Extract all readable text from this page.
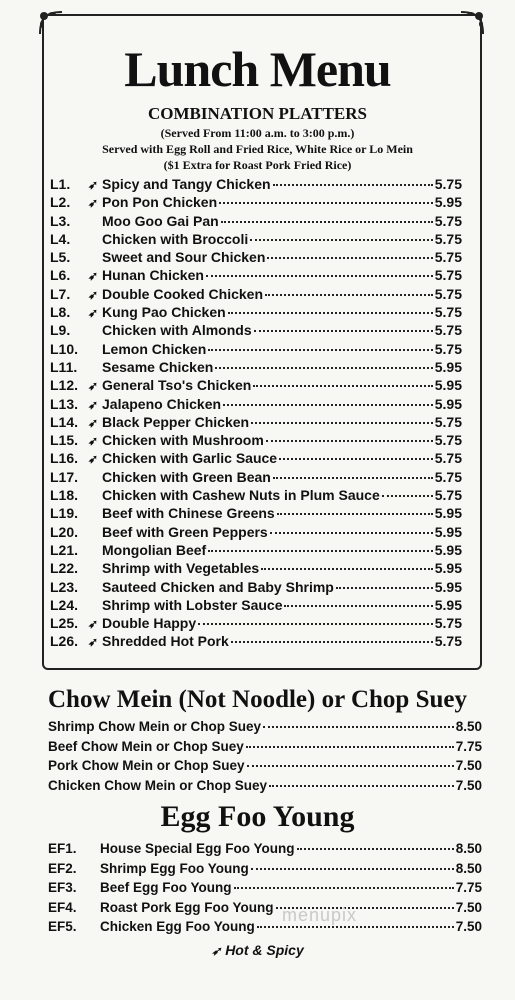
Lunch Menu
COMBINATION PLATTERS
(Served From 11:00 a.m. to 3:00 p.m.)
Served with Egg Roll and Fried Rice, White Rice or Lo Mein
($1 Extra for Roast Pork Fried Rice)
L1.	➶ Spicy and Tangy Chicken	5.75
L2.	➶ Pon Pon Chicken	5.95
L3.	Moo Goo Gai Pan	5.75
L4.	Chicken with Broccoli	5.75
L5.	Sweet and Sour Chicken	5.75
L6.	➶ Hunan Chicken	5.75
L7.	➶ Double Cooked Chicken	5.75
L8.	➶ Kung Pao Chicken	5.75
L9.	Chicken with Almonds	5.75
L10.	Lemon Chicken	5.75
L11.	Sesame Chicken	5.95
L12. ➶ General Tso's Chicken	5.95
L13. ➶ Jalapeno Chicken	5.95
L14. ➶ Black Pepper Chicken	5.75
L15. ➶ Chicken with Mushroom	5.75
L16. ➶ Chicken with Garlic Sauce	5.75
L17.	Chicken with Green Bean	5.75
L18.	Chicken with Cashew Nuts in Plum Sauce	5.75
L19.	Beef with Chinese Greens	5.95
L20.	Beef with Green Peppers	5.95
L21.	Mongolian Beef	5.95
L22.	Shrimp with Vegetables	5.95
L23.	Sauteed Chicken and Baby Shrimp	5.95
L24.	Shrimp with Lobster Sauce	5.95
L25. ➶ Double Happy	5.75
L26. ➶ Shredded Hot Pork	5.75
Chow Mein (Not Noodle) or Chop Suey
Shrimp Chow Mein or Chop Suey	8.50
Beef Chow Mein or Chop Suey	7.75
Pork Chow Mein or Chop Suey	7.50
Chicken Chow Mein or Chop Suey	7.50
Egg Foo Young
EF1.	House Special Egg Foo Young	8.50
EF2.	Shrimp Egg Foo Young	8.50
EF3.	Beef Egg Foo Young	7.75
EF4.	Roast Pork Egg Foo Young	7.50
EF5.	Chicken Egg Foo Young	7.50
menupix
➶ Hot & Spicy
